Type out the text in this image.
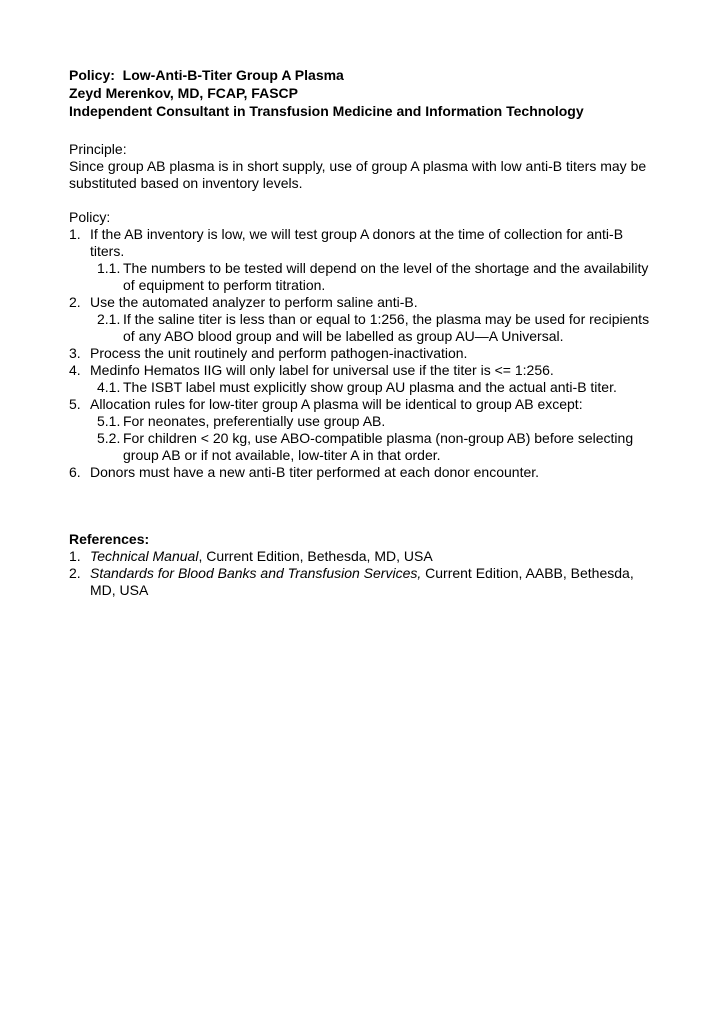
Policy:  Low-Anti-B-Titer Group A Plasma
Zeyd Merenkov, MD, FCAP, FASCP
Independent Consultant in Transfusion Medicine and Information Technology

Principle:

Since group AB plasma is in short supply, use of group A plasma with low anti-B titers may be substituted based on inventory levels.

Policy:

1. If the AB inventory is low, we will test group A donors at the time of collection for anti-B titers.
1.1. The numbers to be tested will depend on the level of the shortage and the availability of equipment to perform titration.
2. Use the automated analyzer to perform saline anti-B.
2.1. If the saline titer is less than or equal to 1:256, the plasma may be used for recipients of any ABO blood group and will be labelled as group AU—A Universal.
3. Process the unit routinely and perform pathogen-inactivation.
4. Medinfo Hematos IIG will only label for universal use if the titer is <= 1:256.
4.1. The ISBT label must explicitly show group AU plasma and the actual anti-B titer.
5. Allocation rules for low-titer group A plasma will be identical to group AB except:
5.1. For neonates, preferentially use group AB.
5.2. For children < 20 kg, use ABO-compatible plasma (non-group AB) before selecting group AB or if not available, low-titer A in that order.
6. Donors must have a new anti-B titer performed at each donor encounter.

References:

1. Technical Manual, Current Edition, Bethesda, MD, USA
2. Standards for Blood Banks and Transfusion Services, Current Edition, AABB, Bethesda, MD, USA
